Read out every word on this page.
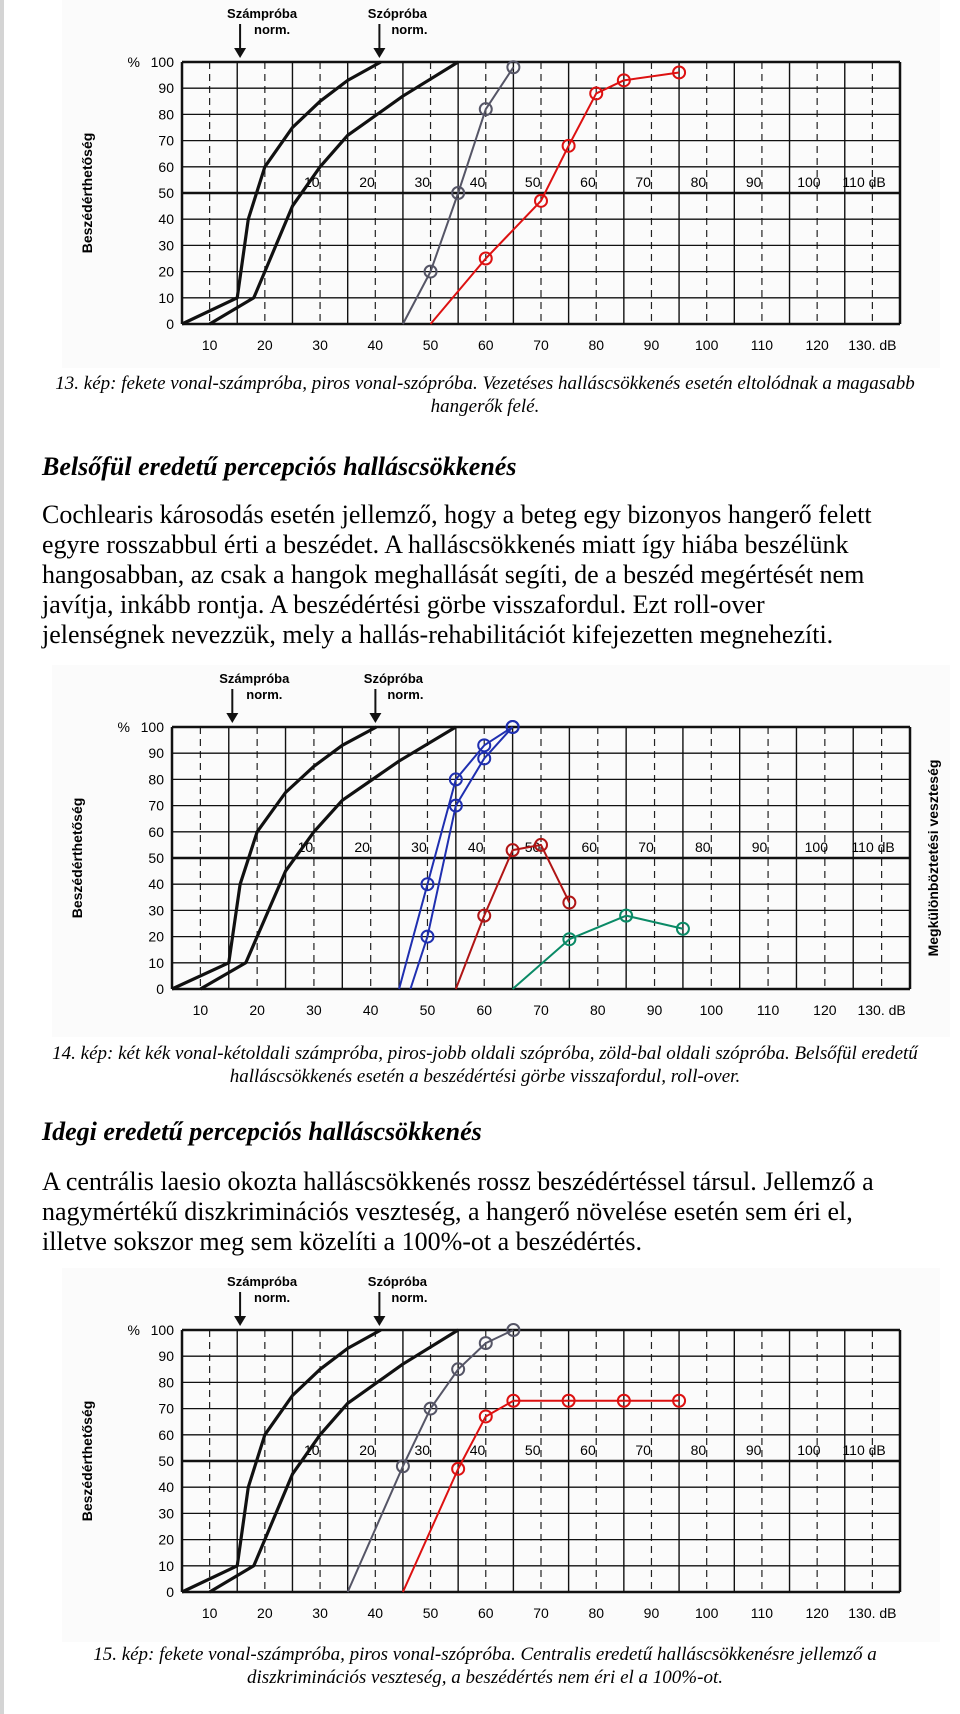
100
90
80
70
60
50
40
30
20
10
0
%
Beszédérthetőség	10	20	30	40	50	60	70	80	90	100 110 dB
10	20	30	40	50	60	70	80	90	100 110 120 130. dB
Számpróba
norm.
Szópróba
norm.
13. kép: fekete vonal-számpróba, piros vonal-szópróba. Vezetéses halláscsökkenés esetén eltolódnak a magasabb hangerők felé.
Belsőfül eredetű percepciós halláscsökkenés
Cochlearis károsodás esetén jellemző, hogy a beteg egy bizonyos hangerő felett
egyre rosszabbul érti a beszédet. A halláscsökkenés miatt így hiába beszélünk
hangosabban, az csak a hangok meghallását segíti, de a beszéd megértését nem
javítja, inkább rontja. A beszédértési görbe visszafordul. Ezt roll-over
jelenségnek nevezzük, mely a hallás-rehabilitációt kifejezetten megnehezíti.
100
90
80
70
60
50
40
30
20
10
0
%
Beszédérthetőség	10	20	30	40	50	60	70	80	90	100 110 dB
10	20	30	40	50	60	70	80	90	100 110 120 130. dB
Számpróba
norm.
Szópróba
norm.
Megkülönböztetési veszteség
14. kép: két kék vonal-kétoldali számpróba, piros-jobb oldali szópróba, zöld-bal oldali szópróba. Belsőfül eredetű halláscsökkenés esetén a beszédértési görbe visszafordul, roll-over.
Idegi eredetű percepciós halláscsökkenés
A centrális laesio okozta halláscsökkenés rossz beszédértéssel társul. Jellemző a
nagymértékű diszkriminációs veszteség, a hangerő növelése esetén sem éri el,
illetve sokszor meg sem közelíti a 100%-ot a beszédértés.
100
90
80
70
60
50
40
30
20
10
0
%
Beszédérthetőség	10	20	30	40	50	60	70	80	90	100 110 dB
10	20	30	40	50	60	70	80	90	100 110 120 130. dB
Számpróba
norm.
Szópróba
norm.
15. kép: fekete vonal-számpróba, piros vonal-szópróba. Centralis eredetű halláscsökkenésre jellemző a diszkriminációs veszteség, a beszédértés nem éri el a 100%-ot.
